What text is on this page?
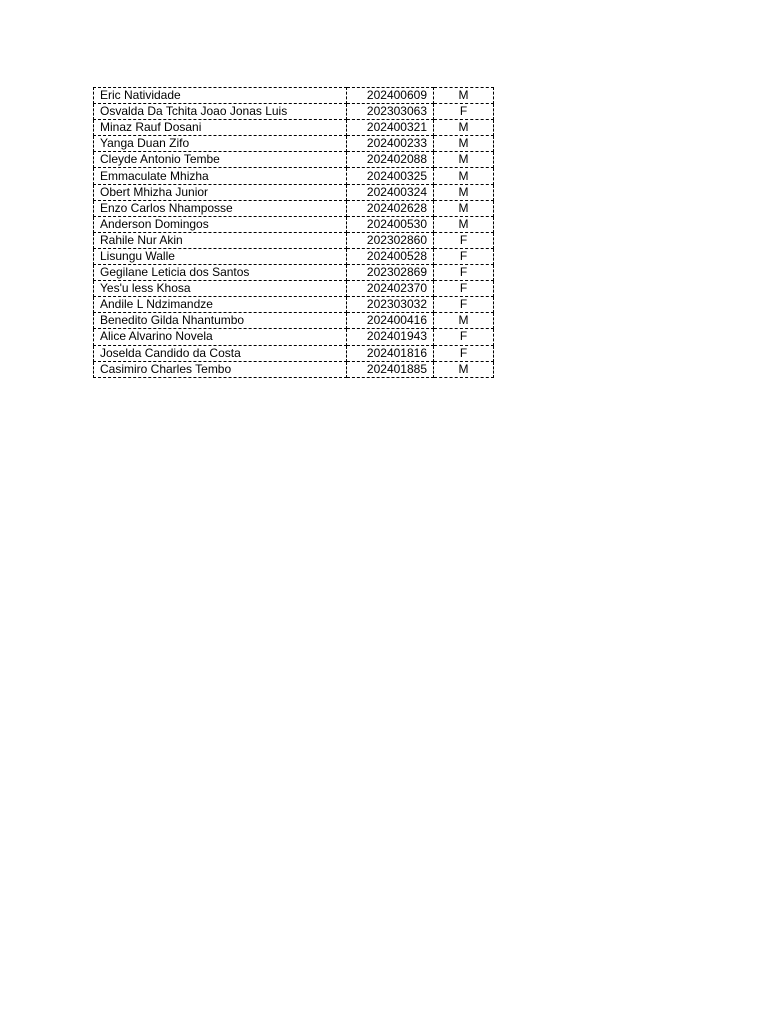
Eric Natividade	202400609	M
Osvalda Da Tchita Joao Jonas Luis	202303063	F
Minaz Rauf Dosani	202400321	M
Yanga Duan Zifo	202400233	M
Cleyde Antonio Tembe	202402088	M
Emmaculate Mhizha	202400325	M
Obert Mhizha Junior	202400324	M
Enzo Carlos Nhamposse	202402628	M
Anderson Domingos	202400530	M
Rahile Nur Akin	202302860	F
Lisungu Walle	202400528	F
Gegilane Leticia dos Santos	202302869	F
Yes'u less Khosa	202402370	F
Andile L Ndzimandze	202303032	F
Benedito Gilda Nhantumbo	202400416	M
Alice Alvarino Novela	202401943	F
Joselda Candido da Costa	202401816	F
Casimiro Charles Tembo	202401885	M
